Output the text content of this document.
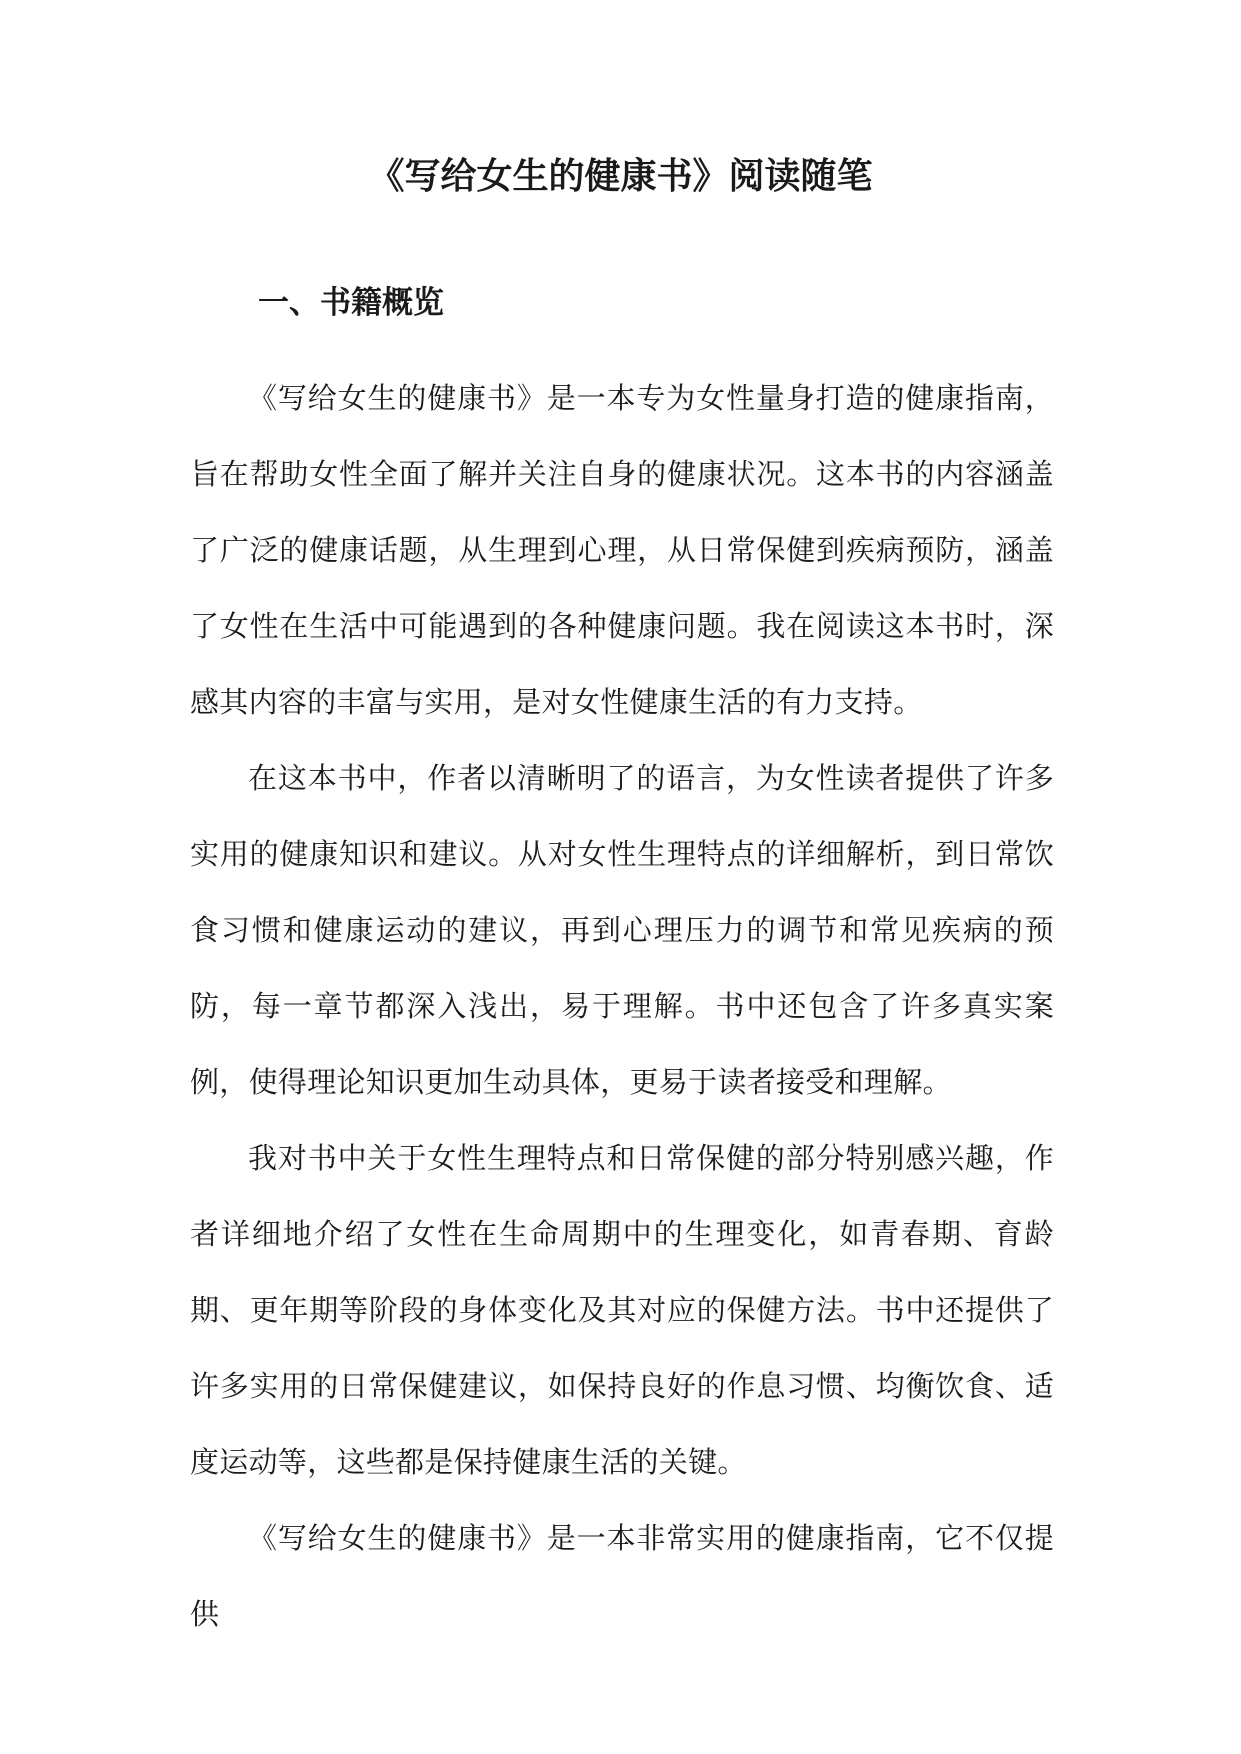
《写给女生的健康书》阅读随笔
一、书籍概览

《写给女生的健康书》是一本专为女性量身打造的健康指南，旨在帮助女性全面了解并关注自身的健康状况。这本书的内容涵盖了广泛的健康话题，从生理到心理，从日常保健到疾病预防，涵盖了女性在生活中可能遇到的各种健康问题。我在阅读这本书时，深感其内容的丰富与实用，是对女性健康生活的有力支持。

在这本书中，作者以清晰明了的语言，为女性读者提供了许多实用的健康知识和建议。从对女性生理特点的详细解析，到日常饮食习惯和健康运动的建议，再到心理压力的调节和常见疾病的预防，每一章节都深入浅出，易于理解。书中还包含了许多真实案例，使得理论知识更加生动具体，更易于读者接受和理解。

我对书中关于女性生理特点和日常保健的部分特别感兴趣，作者详细地介绍了女性在生命周期中的生理变化，如青春期、育龄期、更年期等阶段的身体变化及其对应的保健方法。书中还提供了许多实用的日常保健建议，如保持良好的作息习惯、均衡饮食、适度运动等，这些都是保持健康生活的关键。

《写给女生的健康书》是一本非常实用的健康指南，它不仅提供
